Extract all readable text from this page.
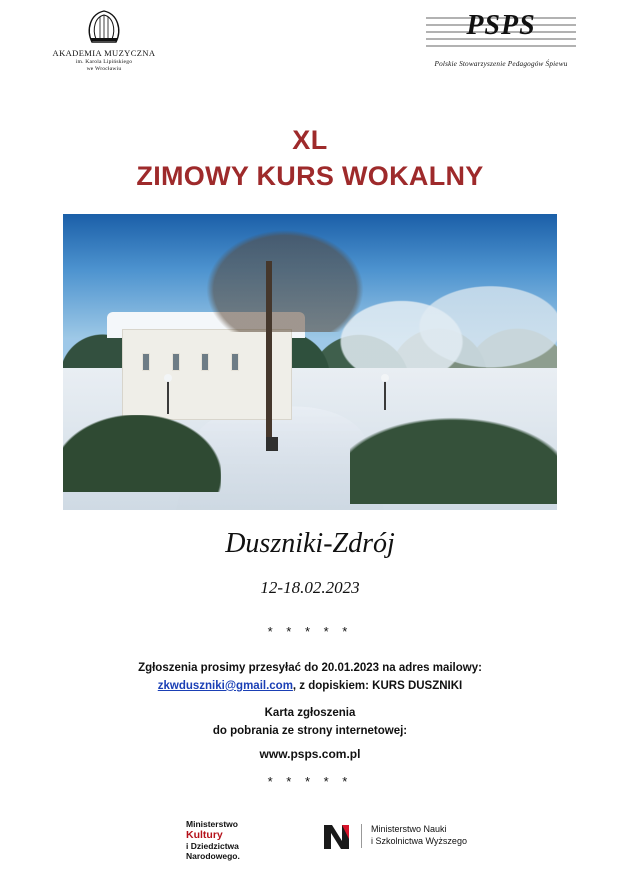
AKADEMIA MUZYCZNA
im. Karola Lipińskiego
we Wrocławiu
PSPS
Polskie Stowarzyszenie Pedagogów Śpiewu
XL
ZIMOWY KURS WOKALNY
Duszniki-Zdrój
12-18.02.2023
* * * * *
Zgłoszenia prosimy przesyłać do 20.01.2023 na adres mailowy:
zkwduszniki@gmail.com, z dopiskiem: KURS DUSZNIKI
Karta zgłoszenia
do pobrania ze strony internetowej:
www.psps.com.pl
* * * * *
Ministerstwo
Kultury
i Dziedzictwa
Narodowego.
Ministerstwo Nauki
i Szkolnictwa Wyższego
